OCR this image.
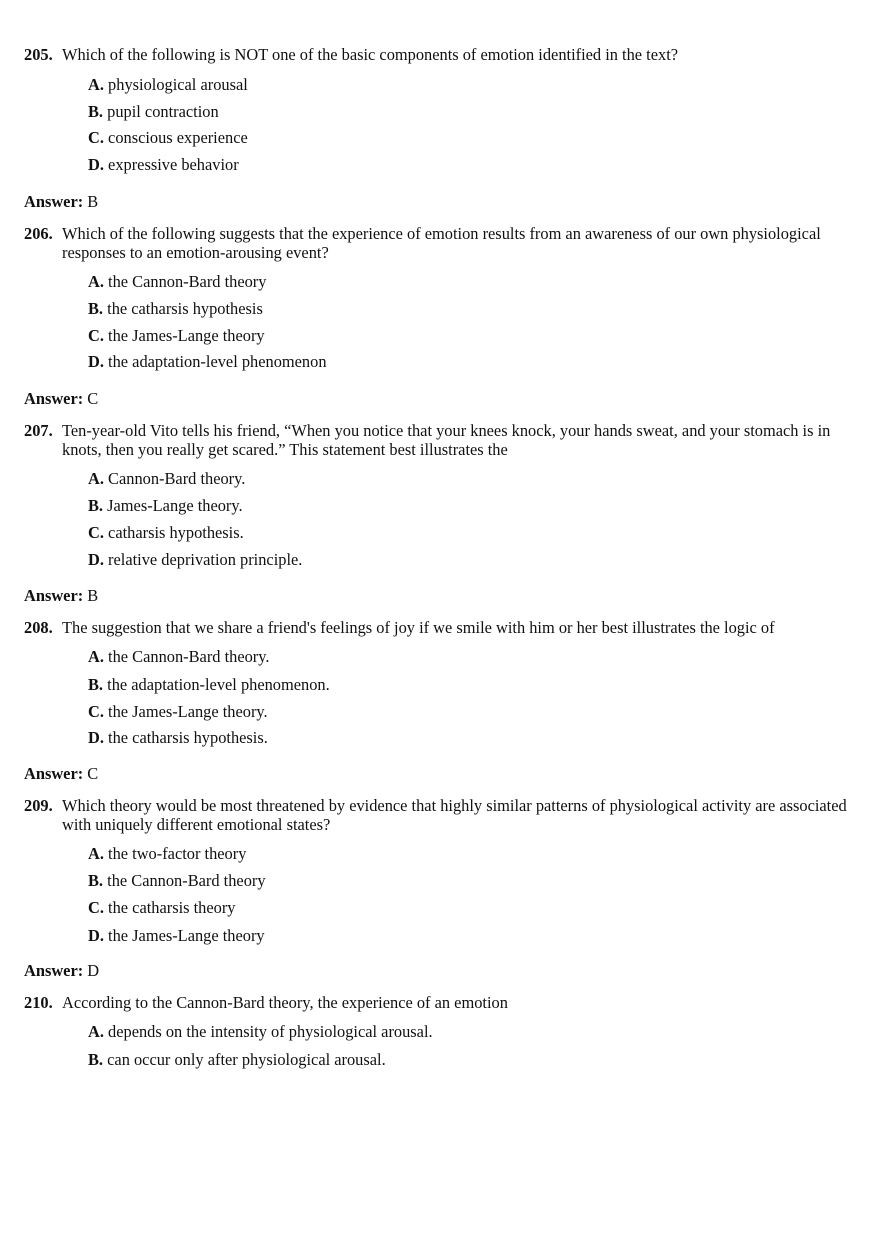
205. Which of the following is NOT one of the basic components of emotion identified in the text?
A. physiological arousal
B. pupil contraction
C. conscious experience
D. expressive behavior
Answer: B
206. Which of the following suggests that the experience of emotion results from an awareness of our own physiological responses to an emotion-arousing event?
A. the Cannon-Bard theory
B. the catharsis hypothesis
C. the James-Lange theory
D. the adaptation-level phenomenon
Answer: C
207. Ten-year-old Vito tells his friend, “When you notice that your knees knock, your hands sweat, and your stomach is in knots, then you really get scared.” This statement best illustrates the
A. Cannon-Bard theory.
B. James-Lange theory.
C. catharsis hypothesis.
D. relative deprivation principle.
Answer: B
208. The suggestion that we share a friend's feelings of joy if we smile with him or her best illustrates the logic of
A. the Cannon-Bard theory.
B. the adaptation-level phenomenon.
C. the James-Lange theory.
D. the catharsis hypothesis.
Answer: C
209. Which theory would be most threatened by evidence that highly similar patterns of physiological activity are associated with uniquely different emotional states?
A. the two-factor theory
B. the Cannon-Bard theory
C. the catharsis theory
D. the James-Lange theory
Answer: D
210. According to the Cannon-Bard theory, the experience of an emotion
A. depends on the intensity of physiological arousal.
B. can occur only after physiological arousal.
